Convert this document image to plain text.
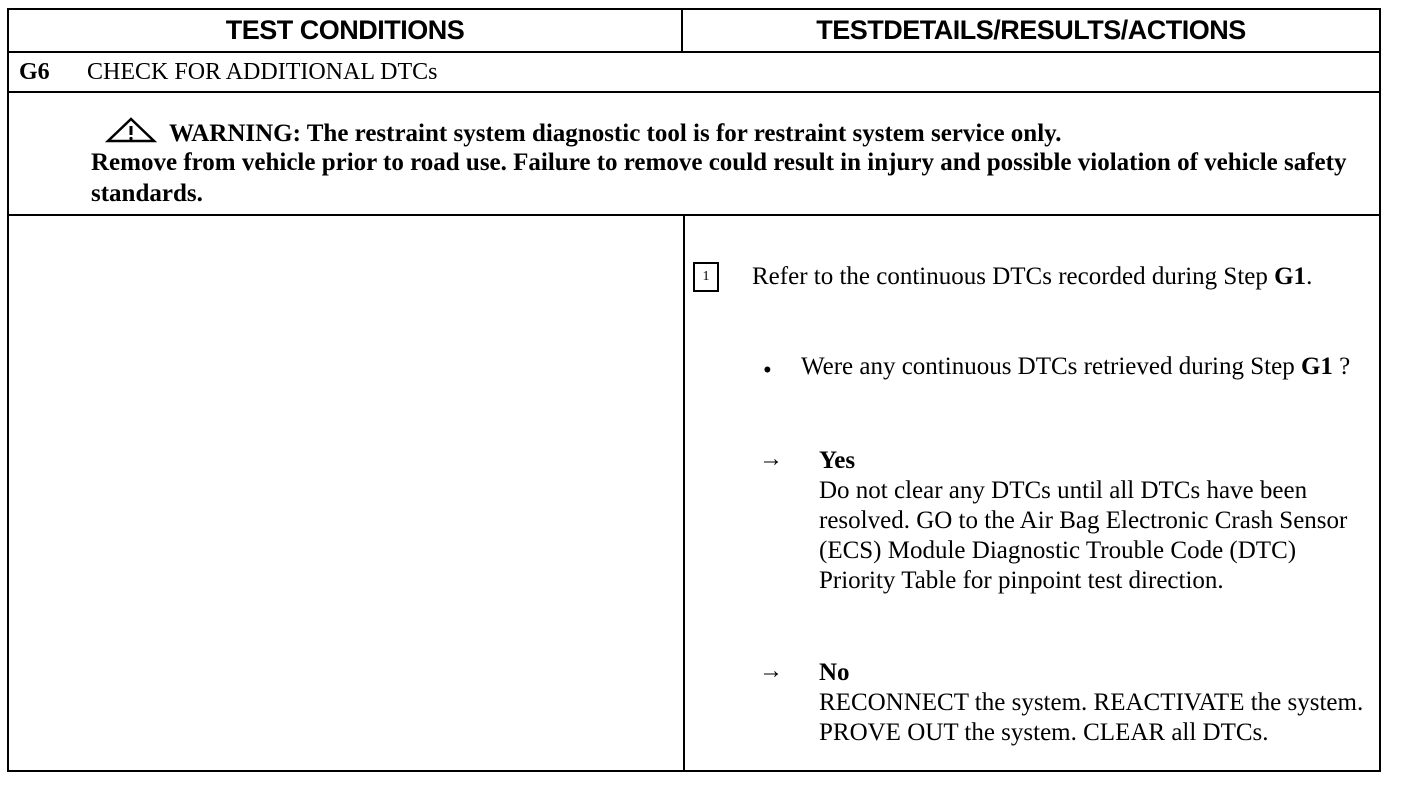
TEST CONDITIONS	TESTDETAILS/RESULTS/ACTIONS
G6 CHECK FOR ADDITIONAL DTCs
WARNING: The restraint system diagnostic tool is for restraint system service only.
Remove from vehicle prior to road use. Failure to remove could result in injury and possible violation of vehicle safety standards.
1	Refer to the continuous DTCs recorded during Step G1.
• Were any continuous DTCs retrieved during Step G1 ?
→ Yes
Do not clear any DTCs until all DTCs have been resolved. GO to the Air Bag Electronic Crash Sensor (ECS) Module Diagnostic Trouble Code (DTC) Priority Table for pinpoint test direction.
→ No
RECONNECT the system. REACTIVATE the system. PROVE OUT the system. CLEAR all DTCs.
